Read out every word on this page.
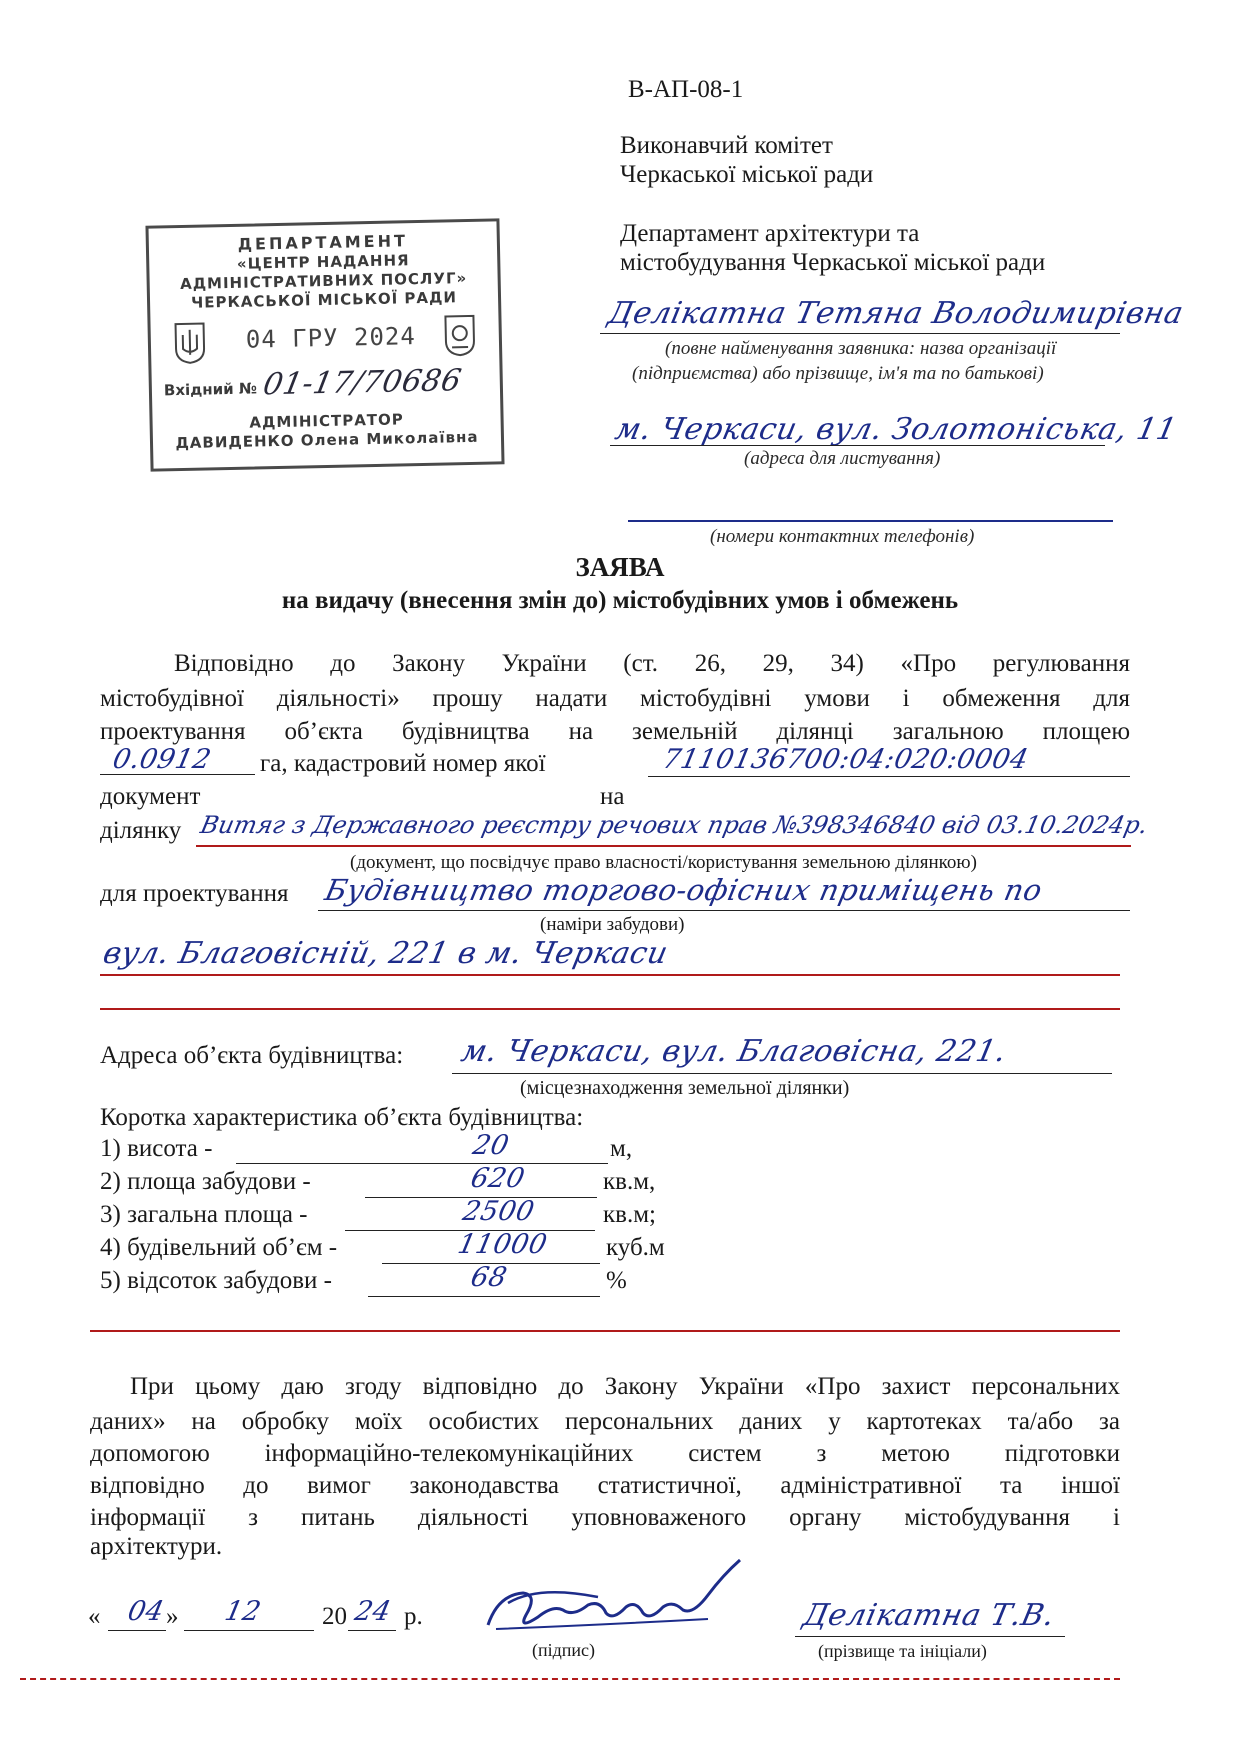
В-АП-08-1
Виконавчий комітет
Черкаської міської ради
Департамент архітектури та
містобудування Черкаської міської ради
ДЕПАРТАМЕНТ
«ЦЕНТР НАДАННЯ
АДМІНІСТРАТИВНИХ ПОСЛУГ»
ЧЕРКАСЬКОЇ МІСЬКОЇ РАДИ
04 ГРУ 2024
Вхідний № 01-17/70686
АДМІНІСТРАТОР
ДАВИДЕНКО Олена Миколаївна
Делікатна Тетяна Володимирівна
(повне найменування заявника: назва організації
(підприємства) або прізвище, ім'я та по батькові)
м. Черкаси, вул. Золотоніська, 11
(адреса для листування)
(номери контактних телефонів)
ЗАЯВА
на видачу (внесення змін до) містобудівних умов і обмежень
Відповідно до Закону України (ст. 26, 29, 34) «Про регулювання
містобудівної діяльності» прошу надати містобудівні умови і обмеження для
проектування об’єкта будівництва на земельній ділянці загальною площею
0.0912 га, кадастровий номер якої	7110136700:04:020:0004
документ	на
ділянку Витяг з Державного реєстру речових прав №398346840 від 03.10.2024р.
(документ, що посвідчує право власності/користування земельною ділянкою)
для проектування Будівництво торгово-офісних приміщень по
(наміри забудови)
вул. Благовісній, 221 в м. Черкаси
Адреса об’єкта будівництва: м. Черкаси, вул. Благовісна, 221.
(місцезнаходження земельної ділянки)
Коротка характеристика об’єкта будівництва:
1) висота -	20	м,
2) площа забудови -	620	кв.м,
3) загальна площа -	2500	кв.м;
4) будівельний об’єм -	11000 куб.м
5) відсоток забудови -	68	%
При цьому даю згоду відповідно до Закону України «Про захист персональних
даних» на обробку моїх особистих персональних даних у картотеках та/або за
допомогою інформаційно-телекомунікаційних систем з метою підготовки
відповідно до вимог законодавства статистичної, адміністративної та іншої
інформації з питань діяльності уповноваженого органу містобудування і
архітектури.
« 04 » 12 20 24 р.
(підпис)
Делікатна Т.В.
(прізвище та ініціали)
